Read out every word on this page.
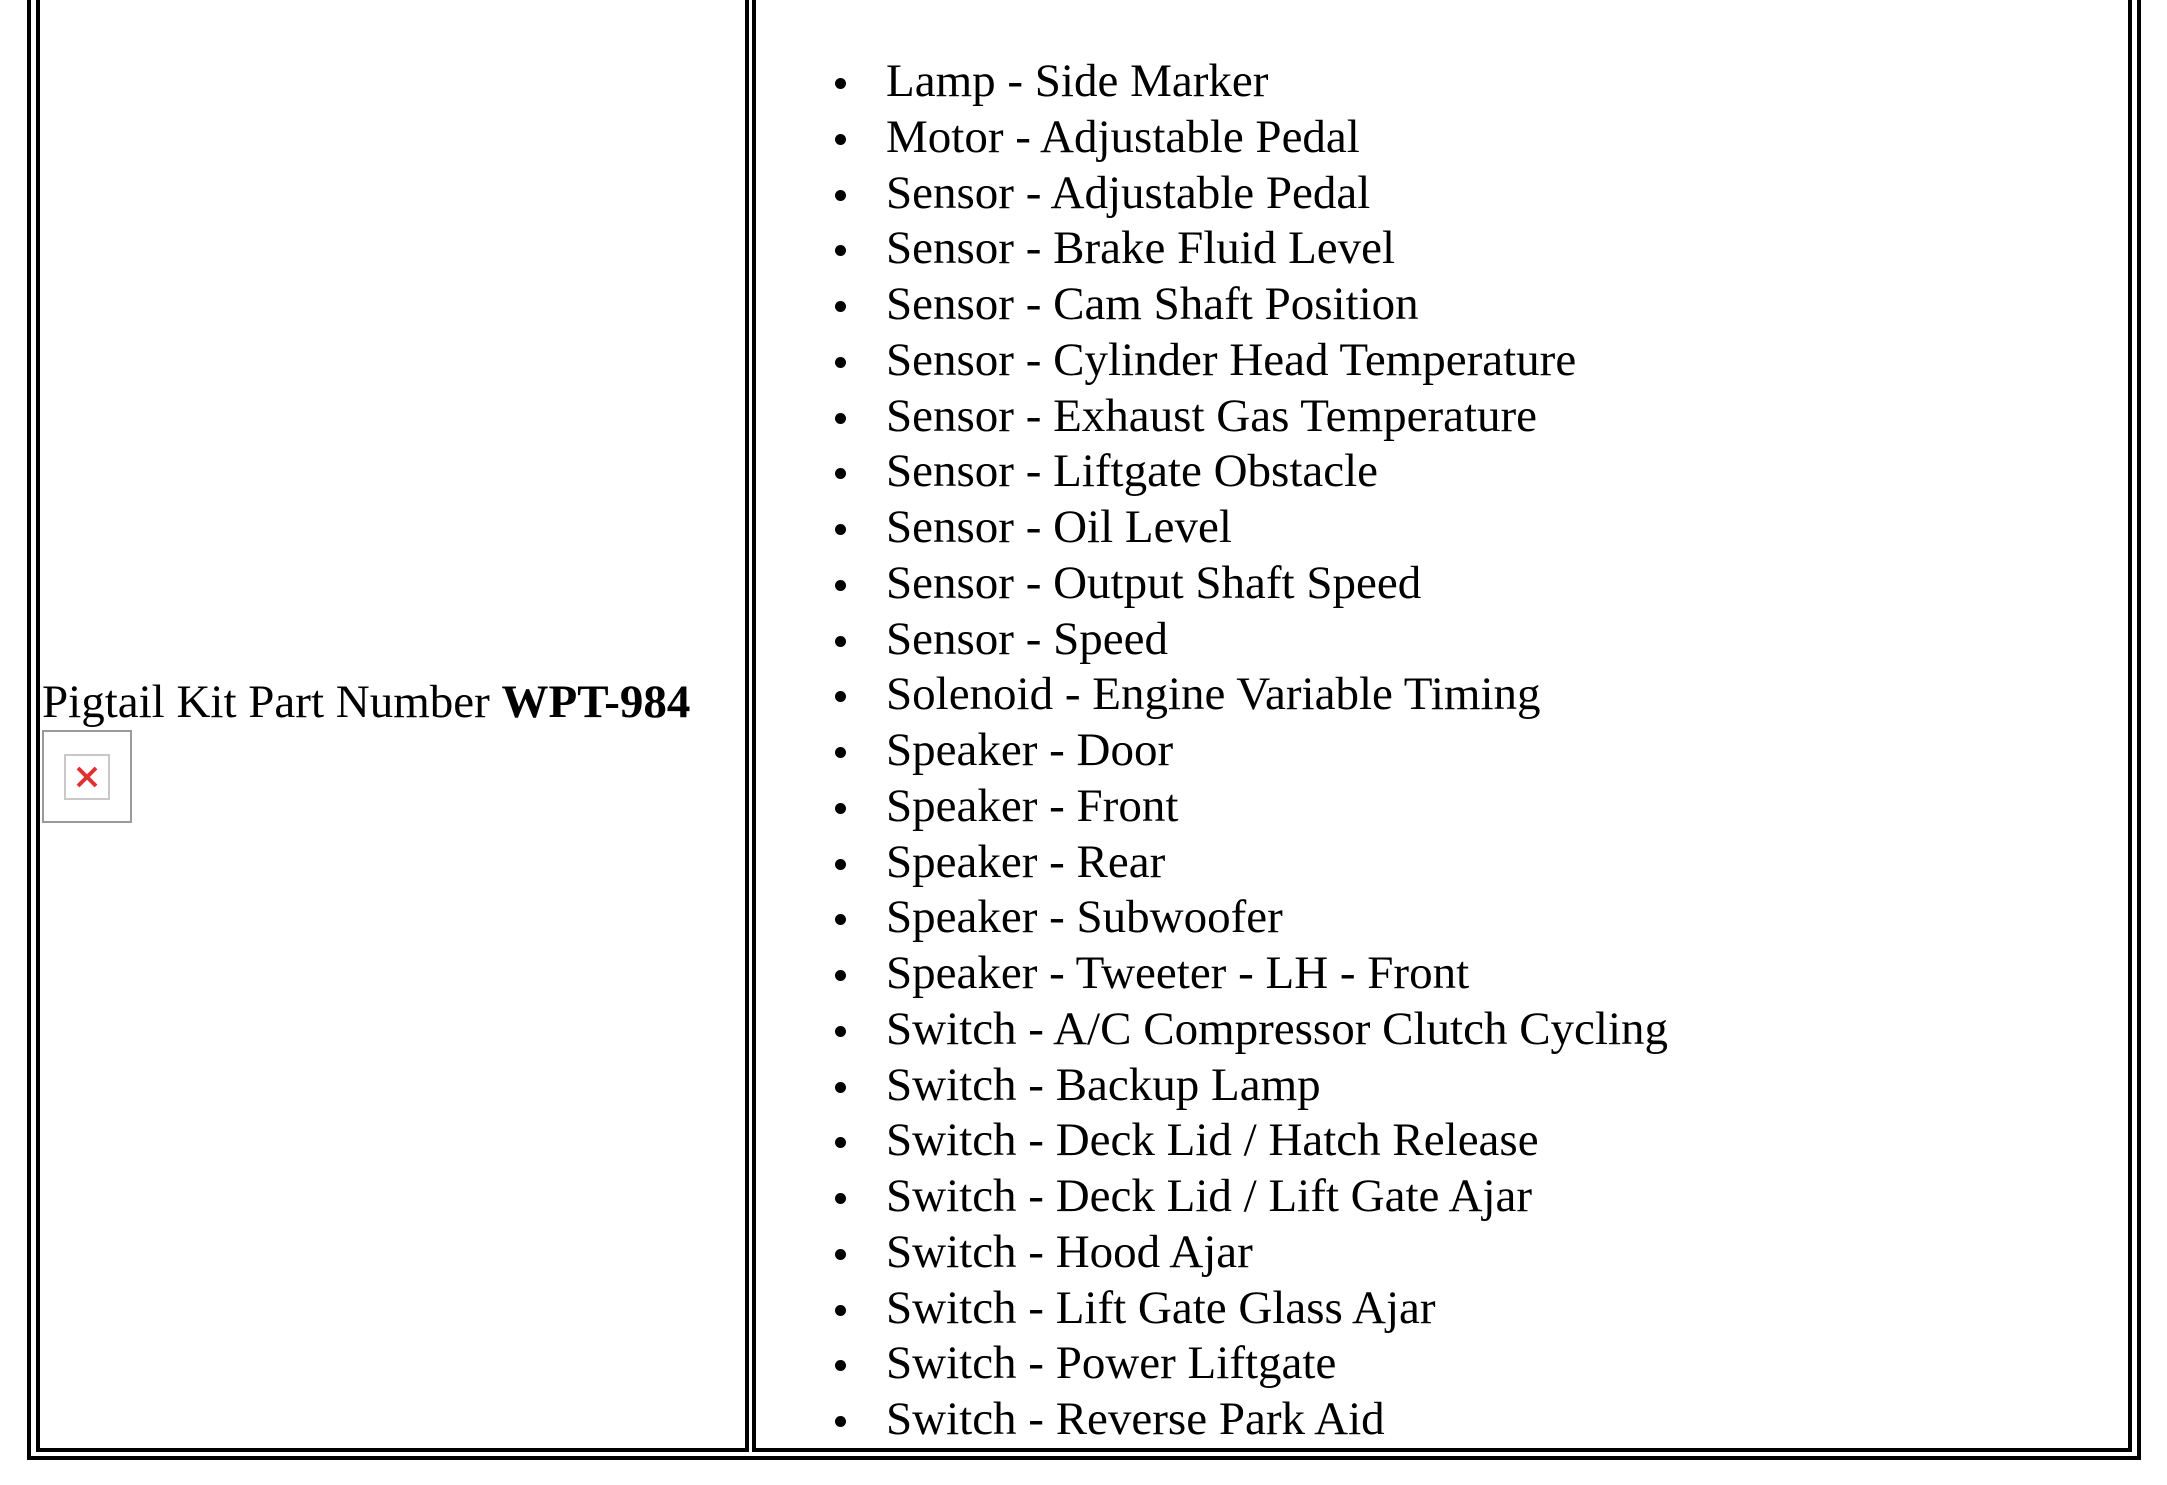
Pigtail Kit Part Number WPT-984
Lamp - Side Marker
Motor - Adjustable Pedal
Sensor - Adjustable Pedal
Sensor - Brake Fluid Level
Sensor - Cam Shaft Position
Sensor - Cylinder Head Temperature
Sensor - Exhaust Gas Temperature
Sensor - Liftgate Obstacle
Sensor - Oil Level
Sensor - Output Shaft Speed
Sensor - Speed
Solenoid - Engine Variable Timing
Speaker - Door
Speaker - Front
Speaker - Rear
Speaker - Subwoofer
Speaker - Tweeter - LH - Front
Switch - A/C Compressor Clutch Cycling
Switch - Backup Lamp
Switch - Deck Lid / Hatch Release
Switch - Deck Lid / Lift Gate Ajar
Switch - Hood Ajar
Switch - Lift Gate Glass Ajar
Switch - Power Liftgate
Switch - Reverse Park Aid
